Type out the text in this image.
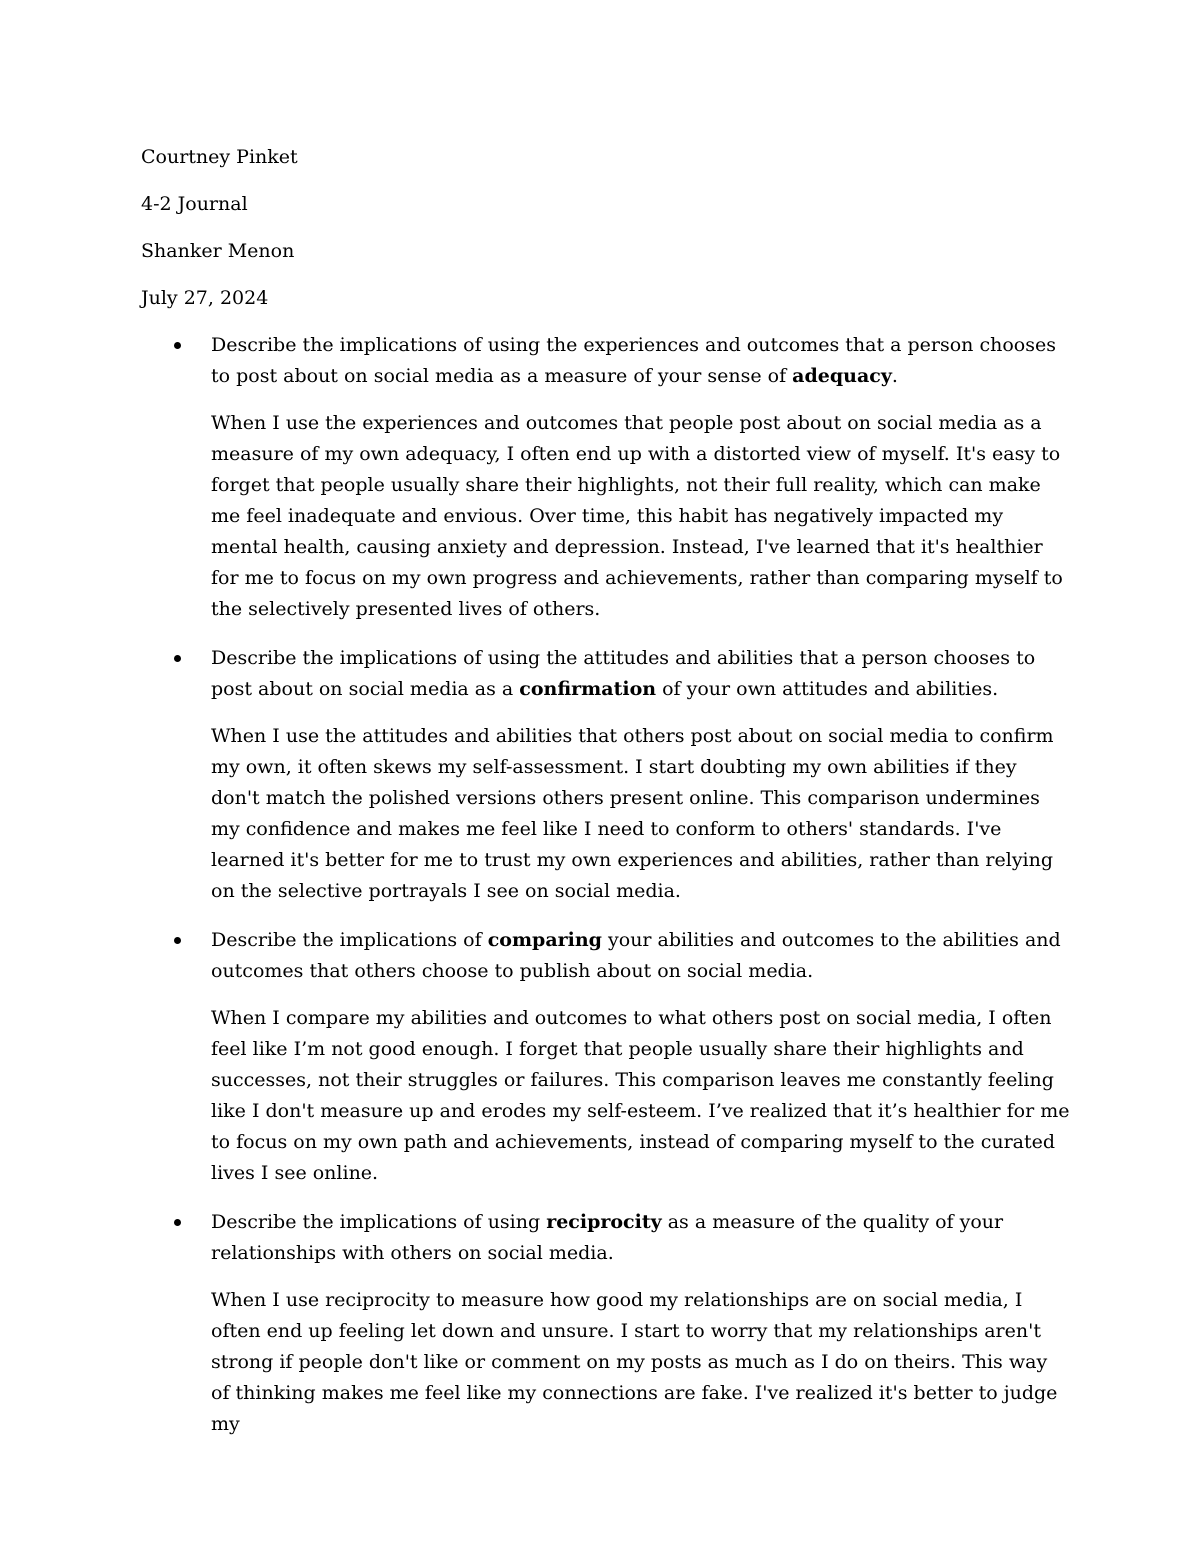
Courtney Pinket
4-2 Journal
Shanker Menon
July 27, 2024
Describe the implications of using the experiences and outcomes that a person chooses to post about on social media as a measure of your sense of adequacy.
When I use the experiences and outcomes that people post about on social media as a measure of my own adequacy, I often end up with a distorted view of myself. It's easy to forget that people usually share their highlights, not their full reality, which can make me feel inadequate and envious. Over time, this habit has negatively impacted my mental health, causing anxiety and depression. Instead, I've learned that it's healthier for me to focus on my own progress and achievements, rather than comparing myself to the selectively presented lives of others.
Describe the implications of using the attitudes and abilities that a person chooses to post about on social media as a confirmation of your own attitudes and abilities.
When I use the attitudes and abilities that others post about on social media to confirm my own, it often skews my self-assessment. I start doubting my own abilities if they don't match the polished versions others present online. This comparison undermines my confidence and makes me feel like I need to conform to others' standards. I've learned it's better for me to trust my own experiences and abilities, rather than relying on the selective portrayals I see on social media.
Describe the implications of comparing your abilities and outcomes to the abilities and outcomes that others choose to publish about on social media.
When I compare my abilities and outcomes to what others post on social media, I often feel like I’m not good enough. I forget that people usually share their highlights and successes, not their struggles or failures. This comparison leaves me constantly feeling like I don't measure up and erodes my self-esteem. I’ve realized that it’s healthier for me to focus on my own path and achievements, instead of comparing myself to the curated lives I see online.
Describe the implications of using reciprocity as a measure of the quality of your relationships with others on social media.
When I use reciprocity to measure how good my relationships are on social media, I often end up feeling let down and unsure. I start to worry that my relationships aren't strong if people don't like or comment on my posts as much as I do on theirs. This way of thinking makes me feel like my connections are fake. I've realized it's better to judge my
